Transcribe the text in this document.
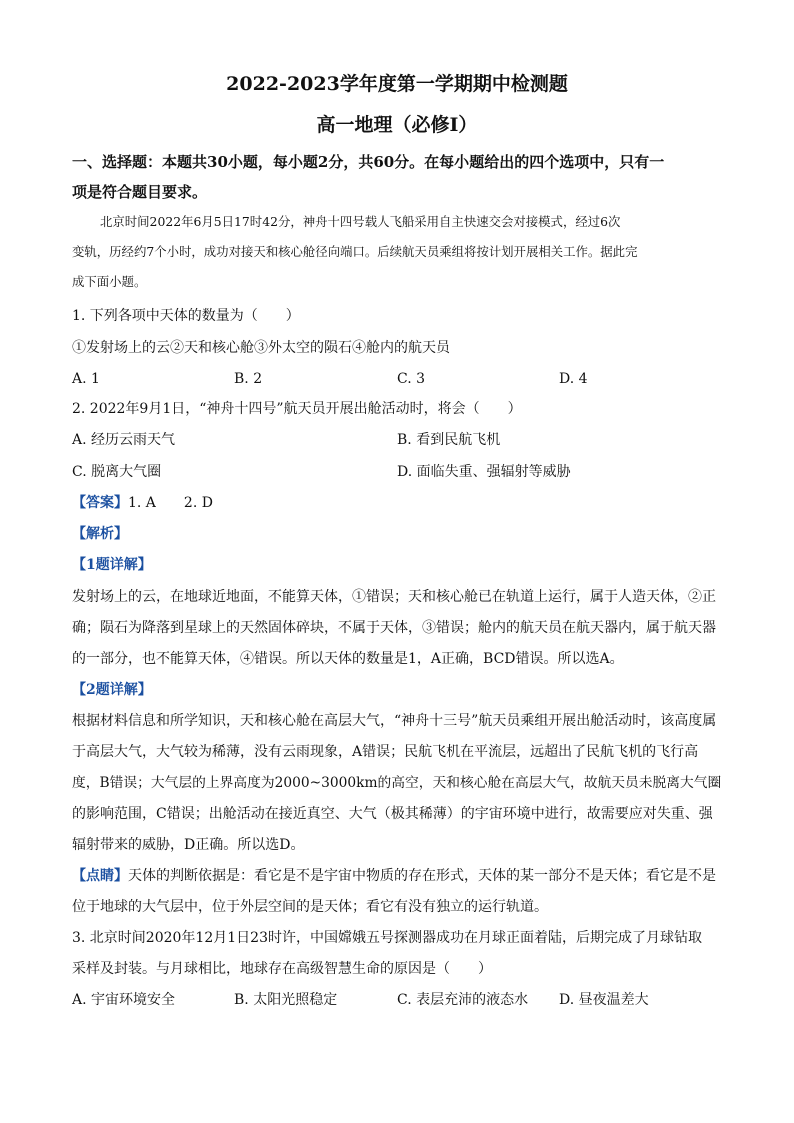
2022-2023学年度第一学期期中检测题
高一地理（必修Ⅰ）
一、选择题：本题共30小题，每小题2分，共60分。在每小题给出的四个选项中，只有一
项是符合题目要求。
北京时间2022年6月5日17时42分，神舟十四号载人飞船采用自主快速交会对接模式，经过6次
变轨，历经约7个小时，成功对接天和核心舱径向端口。后续航天员乘组将按计划开展相关工作。据此完
成下面小题。
1. 下列各项中天体的数量为（　　）
①发射场上的云②天和核心舱③外太空的陨石④舱内的航天员
A. 1	B. 2	C. 3	D. 4
2. 2022年9月1日，“神舟十四号”航天员开展出舱活动时，将会（　　）
A. 经历云雨天气	B. 看到民航飞机
C. 脱离大气圈	D. 面临失重、强辐射等威胁
【答案】1. A　　2. D
【解析】
【1题详解】
发射场上的云，在地球近地面，不能算天体，①错误；天和核心舱已在轨道上运行，属于人造天体，②正
确；陨石为降落到星球上的天然固体碎块，不属于天体，③错误；舱内的航天员在航天器内，属于航天器
的一部分，也不能算天体，④错误。所以天体的数量是1，A正确，BCD错误。所以选A。
【2题详解】
根据材料信息和所学知识，天和核心舱在高层大气，“神舟十三号”航天员乘组开展出舱活动时，该高度属
于高层大气，大气较为稀薄，没有云雨现象，A错误；民航飞机在平流层，远超出了民航飞机的飞行高
度，B错误；大气层的上界高度为2000~3000km的高空，天和核心舱在高层大气，故航天员未脱离大气圈
的影响范围，C错误；出舱活动在接近真空、大气（极其稀薄）的宇宙环境中进行，故需要应对失重、强
辐射带来的威胁，D正确。所以选D。
【点睛】天体的判断依据是：看它是不是宇宙中物质的存在形式，天体的某一部分不是天体；看它是不是
位于地球的大气层中，位于外层空间的是天体；看它有没有独立的运行轨道。
3. 北京时间2020年12月1日23时许，中国嫦娥五号探测器成功在月球正面着陆，后期完成了月球钻取
采样及封装。与月球相比，地球存在高级智慧生命的原因是（　　）
A. 宇宙环境安全	B. 太阳光照稳定	C. 表层充沛的液态水 D. 昼夜温差大
